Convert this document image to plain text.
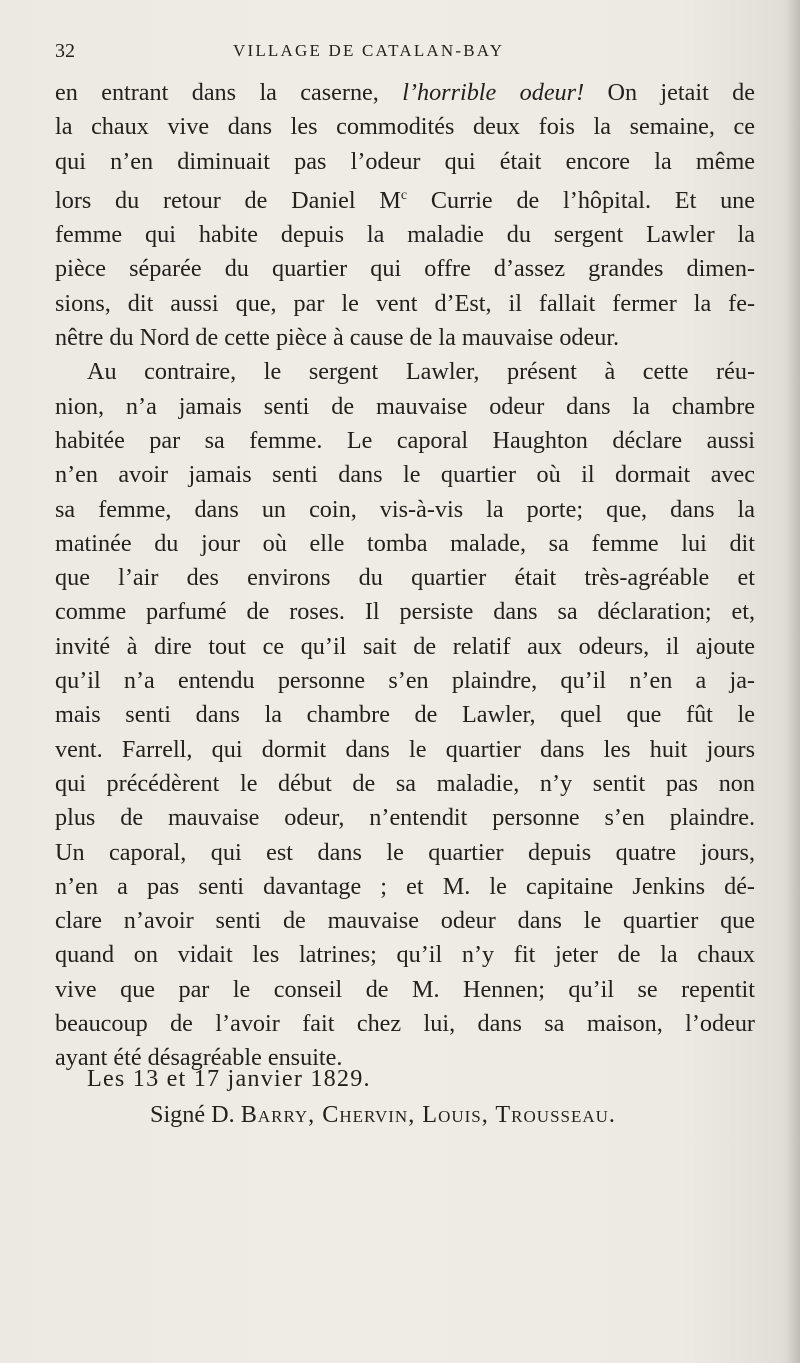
32	VILLAGE DE CATALAN-BAY
en entrant dans la caserne, l’horrible odeur! On jetait de
la chaux vive dans les commodités deux fois la semaine, ce
qui n’en diminuait pas l’odeur qui était encore la même
lors du retour de Daniel $M^c$ Currie de l’hôpital. Et une
femme qui habite depuis la maladie du sergent Lawler la
pièce séparée du quartier qui offre d’assez grandes dimen-
sions, dit aussi que, par le vent d’Est, il fallait fermer la fe-
nêtre du Nord de cette pièce à cause de la mauvaise odeur.
Au contraire, le sergent Lawler, présent à cette réu-
nion, n’a jamais senti de mauvaise odeur dans la chambre
habitée par sa femme. Le caporal Haughton déclare aussi
n’en avoir jamais senti dans le quartier où il dormait avec
sa femme, dans un coin, vis-à-vis la porte; que, dans la
matinée du jour où elle tomba malade, sa femme lui dit
que l’air des environs du quartier était très-agréable et
comme parfumé de roses. Il persiste dans sa déclaration; et,
invité à dire tout ce qu’il sait de relatif aux odeurs, il ajoute
qu’il n’a entendu personne s’en plaindre, qu’il n’en a ja-
mais senti dans la chambre de Lawler, quel que fût le
vent. Farrell, qui dormit dans le quartier dans les huit jours
qui précédèrent le début de sa maladie, n’y sentit pas non
plus de mauvaise odeur, n’entendit personne s’en plaindre.
Un caporal, qui est dans le quartier depuis quatre jours,
n’en a pas senti davantage ; et M. le capitaine Jenkins dé-
clare n’avoir senti de mauvaise odeur dans le quartier que
quand on vidait les latrines; qu’il n’y fit jeter de la chaux
vive que par le conseil de M. Hennen; qu’il se repentit
beaucoup de l’avoir fait chez lui, dans sa maison, l’odeur
ayant été désagréable ensuite.
Les 13 et 17 janvier 1829.
Signé D. Barry, Chervin, Louis, Trousseau.
